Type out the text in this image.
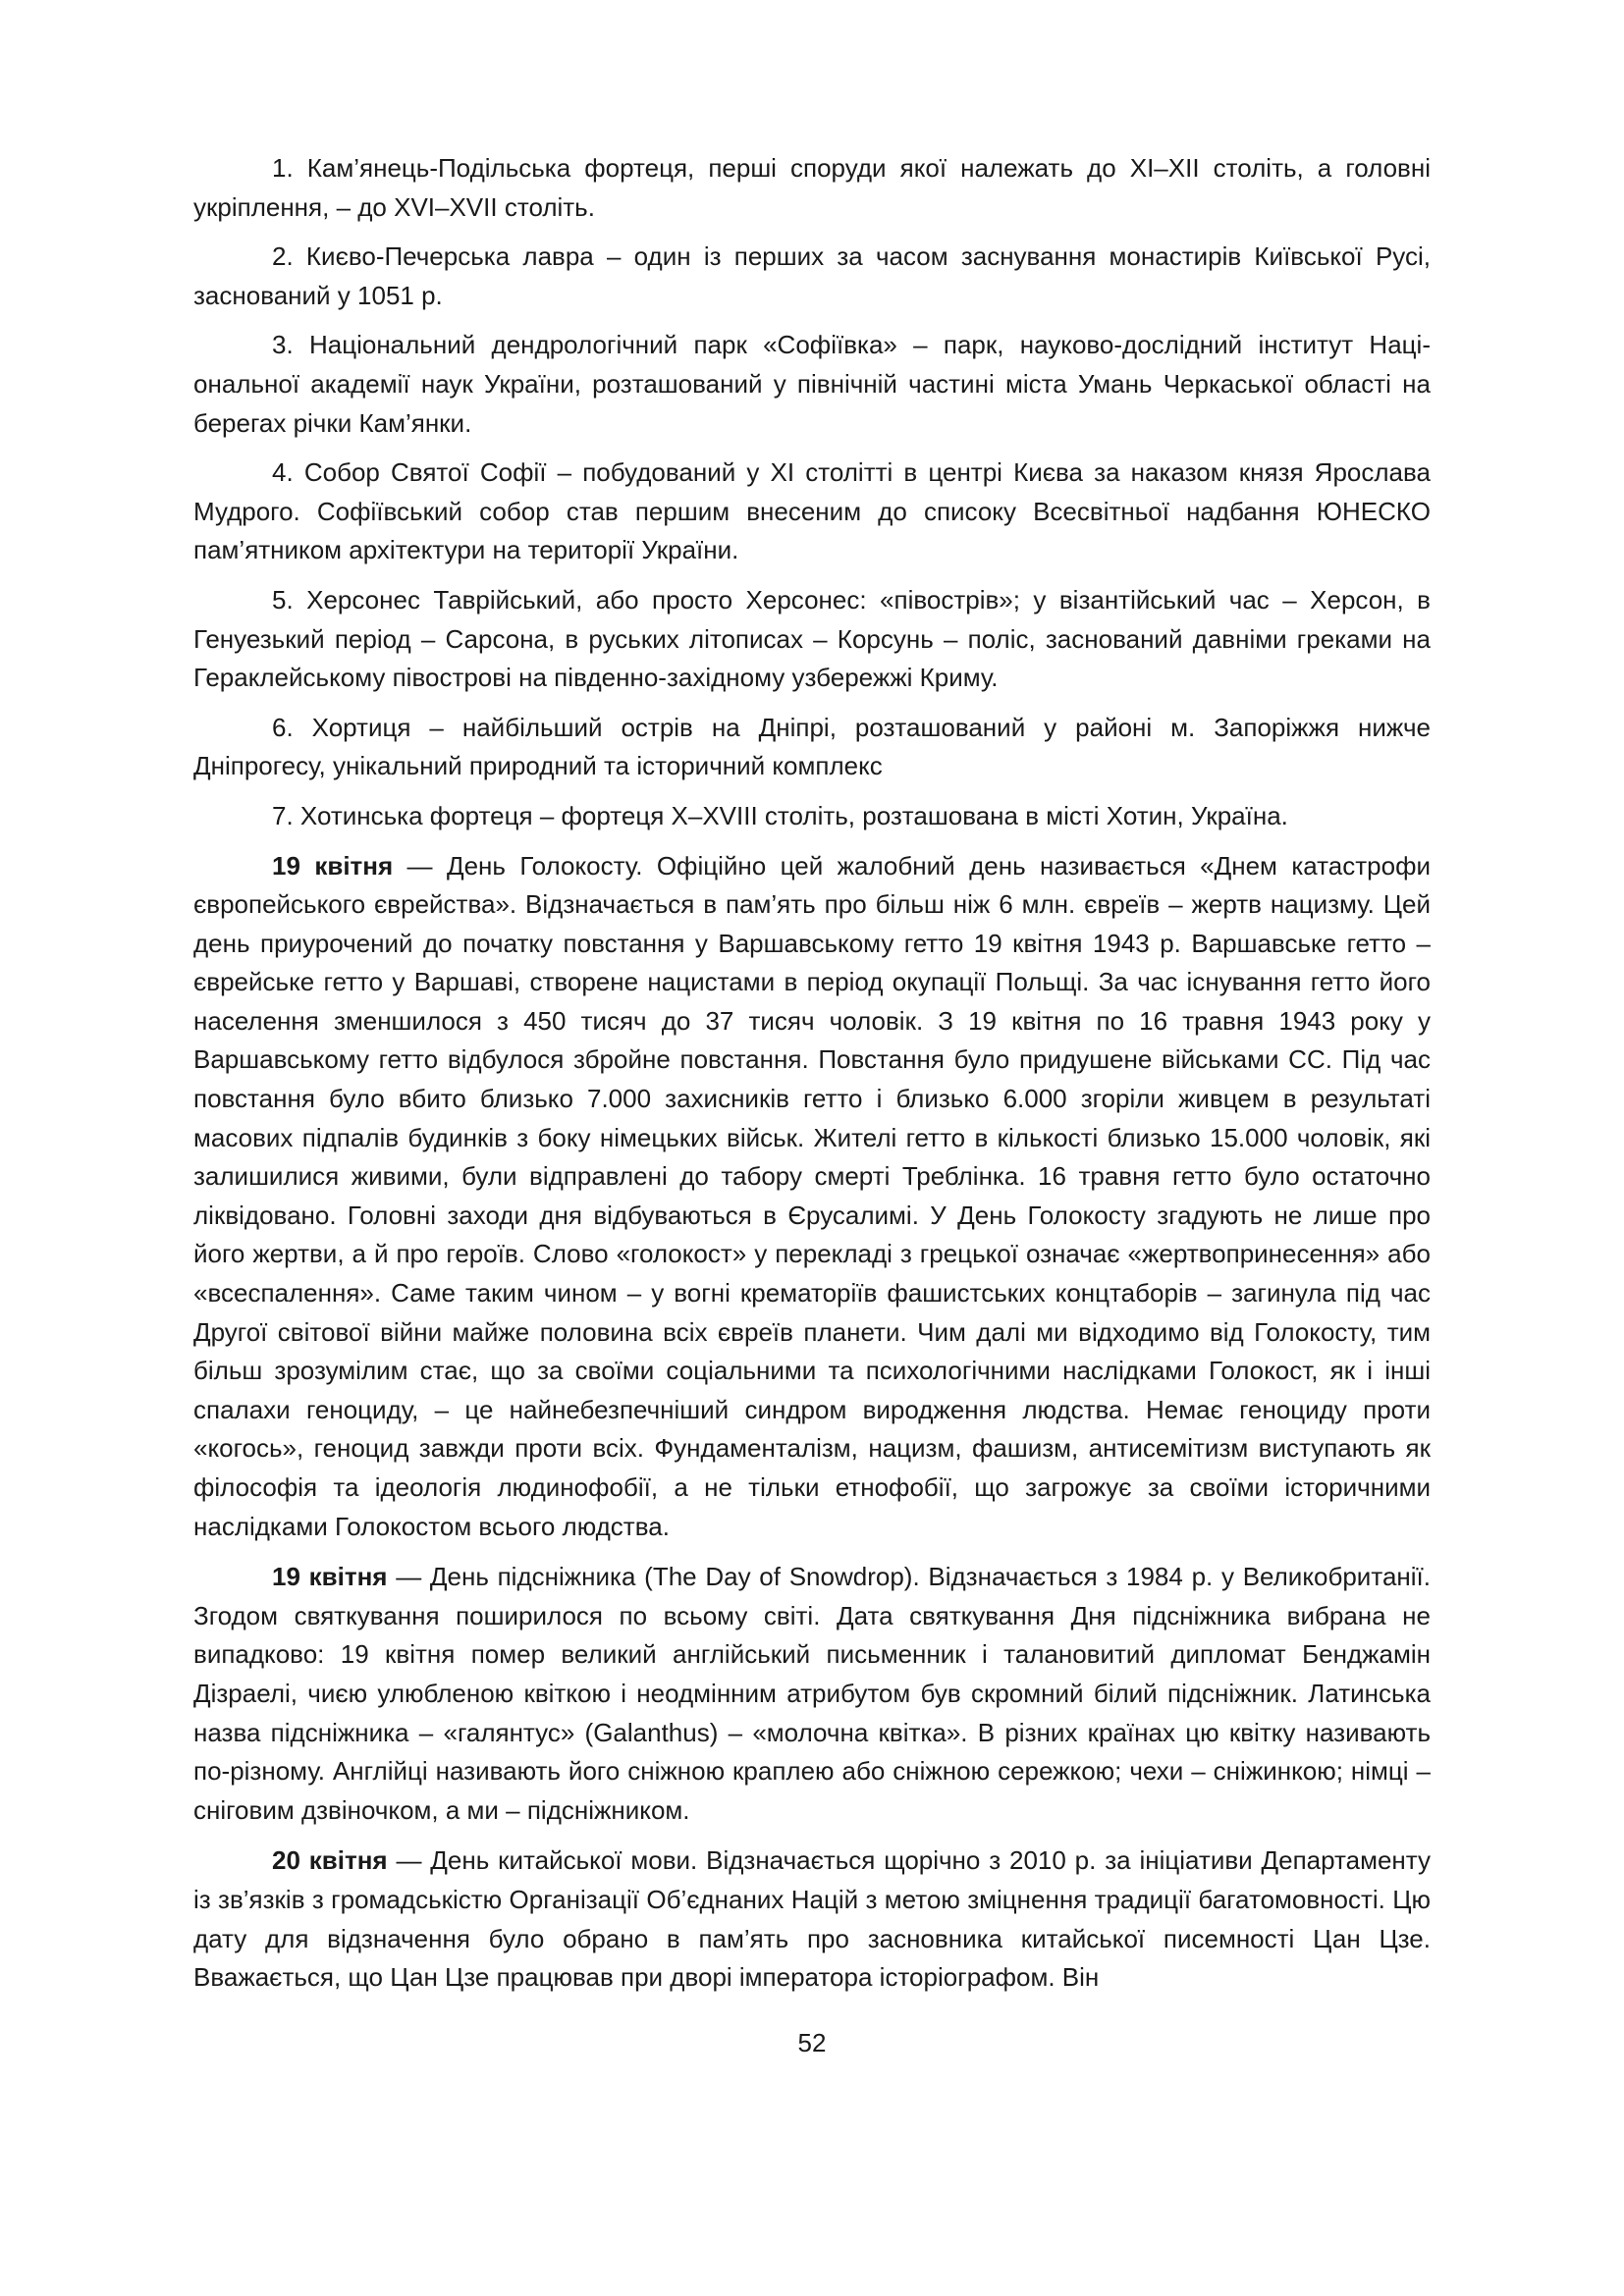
1. Кам’янець-Подільська фортеця, перші споруди якої належать до XI–XII століть, а головні укріплення, – до XVI–XVII століть.

2. Києво-Печерська лавра – один із перших за часом заснування монастирів Київської Русі, заснований у 1051 р.

3. Національний дендрологічний парк «Софіївка» – парк, науково-дослідний інститут Національної академії наук України, розташований у північній частині міста Умань Черкаської області на берегах річки Кам’янки.

4. Собор Святої Софії – побудований у XI столітті в центрі Києва за наказом князя Ярослава Мудрого. Софіївський собор став першим внесеним до списоку Всесвітньої надбання ЮНЕСКО пам’ятником архітектури на території України.

5. Херсонес Таврійський, або просто Херсонес: «півострів»; у візантійський час – Херсон, в Генуезький період – Сарсона, в руських літописах – Корсунь – поліс, заснований давніми греками на Гераклейському півострові на південно-західному узбережжі Криму.

6. Хортиця – найбільший острів на Дніпрі, розташований у районі м. Запоріжжя нижче Дніпрогесу, унікальний природний та історичний комплекс

7. Хотинська фортеця – фортеця X–XVIII століть, розташована в місті Хотин, Україна.

19 квітня — День Голокосту. Офіційно цей жалобний день називається «Днем катастрофи європейського єврейства». Відзначається в пам’ять про більш ніж 6 млн. євреїв – жертв нацизму. Цей день приурочений до початку повстання у Варшавському гетто 19 квітня 1943 р. Варшавське гетто – єврейське гетто у Варшаві, створене нацистами в період окупації Польщі. За час існування гетто його населення зменшилося з 450 тисяч до 37 тисяч чоловік. З 19 квітня по 16 травня 1943 року у Варшавському гетто відбулося збройне повстання. Повстання було придушене військами СС. Під час повстання було вбито близько 7.000 захисників гетто і близько 6.000 згоріли живцем в результаті масових підпалів будинків з боку німецьких військ. Жителі гетто в кількості близько 15.000 чоловік, які залишилися живими, були відправлені до табору смерті Треблінка. 16 травня гетто було остаточно ліквідовано. Головні заходи дня відбуваються в Єрусалимі. У День Голокосту згадують не лише про його жертви, а й про героїв. Слово «голокост» у перекладі з грецької означає «жертвопринесення» або «всеспалення». Саме таким чином – у вогні крематоріїв фашистських концтаборів – загинула під час Другої світової війни майже половина всіх євреїв планети. Чим далі ми відходимо від Голокосту, тим більш зрозумілим стає, що за своїми соціальними та психологічними наслідками Голокост, як і інші спалахи геноциду, – це найнебезпечніший синдром виродження людства. Немає геноциду проти «когось», геноцид завжди проти всіх. Фундаменталізм, нацизм, фашизм, антисемітизм виступають як філософія та ідеологія людинофобії, а не тільки етнофобії, що загрожує за своїми історичними наслідками Голокостом всього людства.

19 квітня — День підсніжника (The Day of Snowdrop). Відзначається з 1984 р. у Великобританії. Згодом святкування поширилося по всьому світі. Дата святкування Дня підсніжника вибрана не випадково: 19 квітня помер великий англійський письменник і талановитий дипломат Бенджамін Дізраелі, чиєю улюбленою квіткою і неодмінним атрибутом був скромний білий підсніжник. Латинська назва підсніжника – «галянтус» (Galanthus) – «молочна квітка». В різних країнах цю квітку називають по-різному. Англійці називають його сніжною краплею або сніжною сережкою; чехи – сніжинкою; німці – сніговим дзвіночком, а ми – підсніжником.

20 квітня — День китайської мови. Відзначається щорічно з 2010 р. за ініціативи Департаменту із зв’язків з громадськістю Організації Об’єднаних Націй з метою зміцнення традиції багатомовності. Цю дату для відзначення було обрано в пам’ять про засновника китайської писемності Цан Цзе. Вважається, що Цан Цзе працював при дворі імператора історіографом. Він

52
